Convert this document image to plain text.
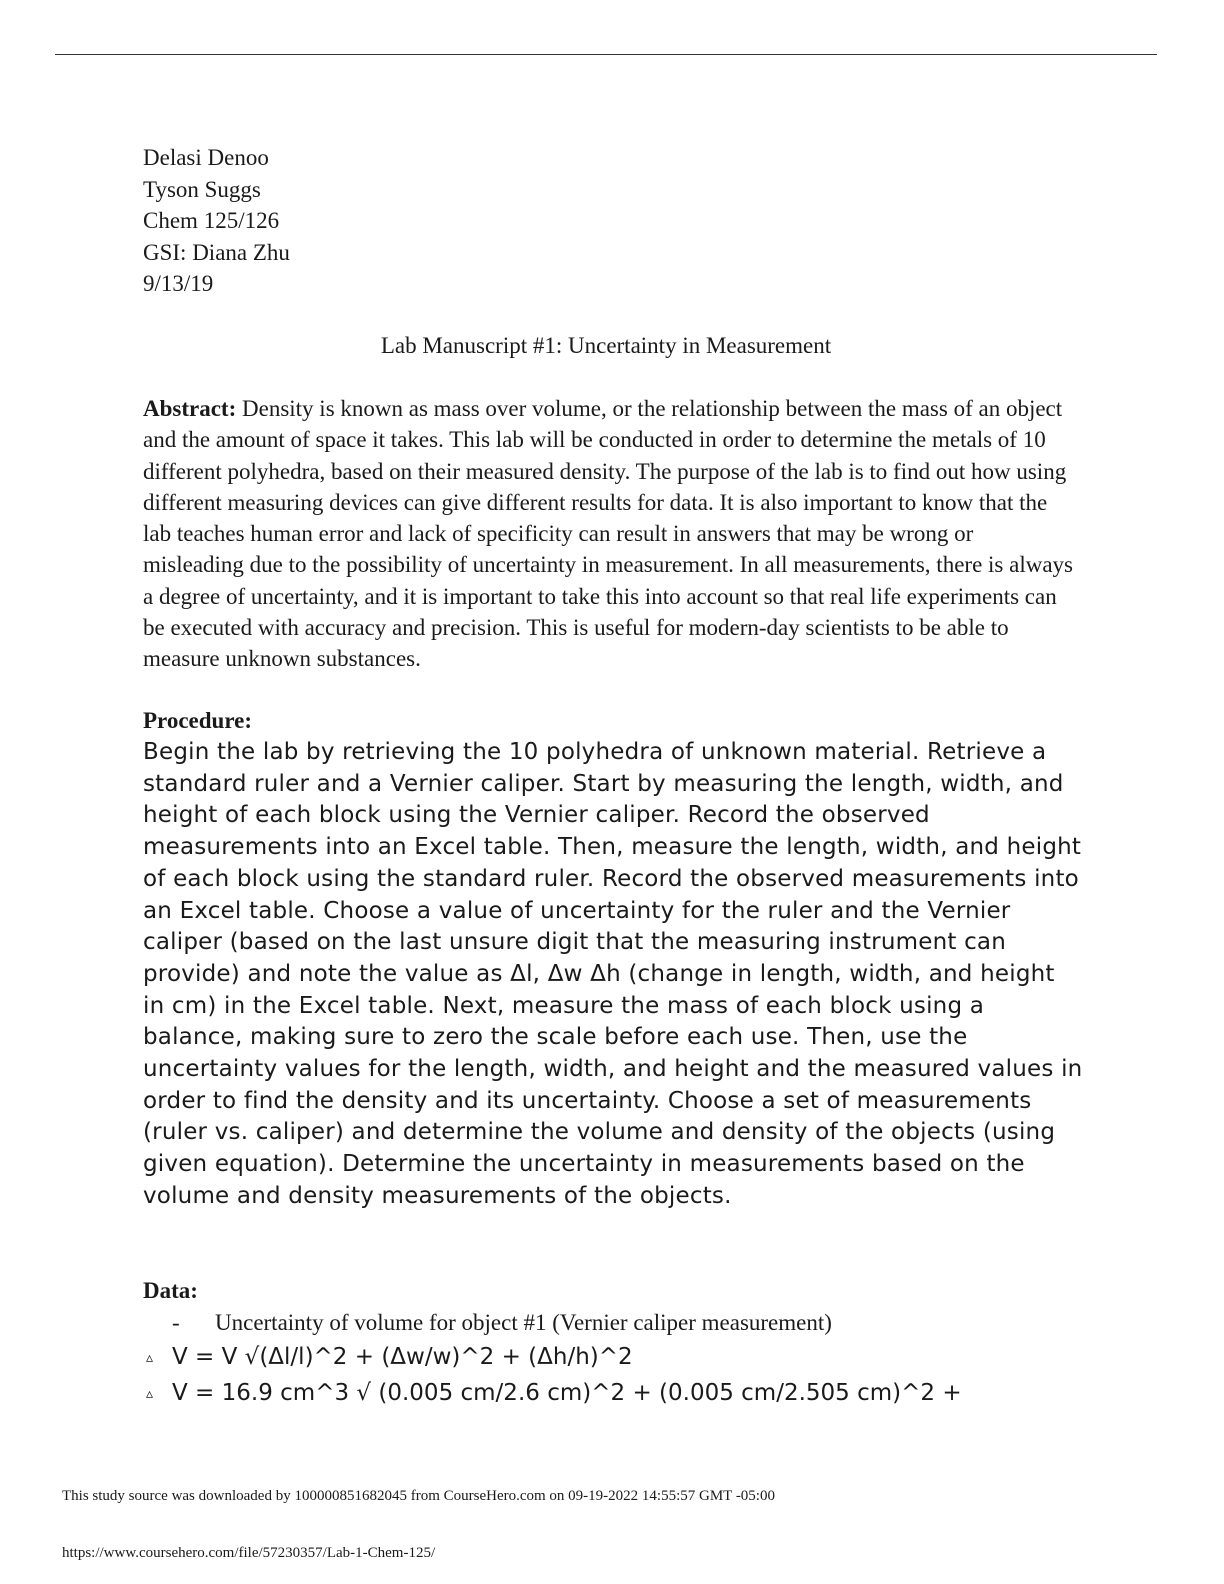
Delasi Denoo
Tyson Suggs
Chem 125/126
GSI: Diana Zhu
9/13/19
Lab Manuscript #1: Uncertainty in Measurement

Abstract: Density is known as mass over volume, or the relationship between the mass of an object and the amount of space it takes. This lab will be conducted in order to determine the metals of 10 different polyhedra, based on their measured density. The purpose of the lab is to find out how using different measuring devices can give different results for data. It is also important to know that the lab teaches human error and lack of specificity can result in answers that may be wrong or misleading due to the possibility of uncertainty in measurement. In all measurements, there is always a degree of uncertainty, and it is important to take this into account so that real life experiments can be executed with accuracy and precision. This is useful for modern-day scientists to be able to measure unknown substances.

Procedure:

Begin the lab by retrieving the 10 polyhedra of unknown material. Retrieve a standard ruler and a Vernier caliper. Start by measuring the length, width, and height of each block using the Vernier caliper. Record the observed measurements into an Excel table. Then, measure the length, width, and height of each block using the standard ruler. Record the observed measurements into an Excel table. Choose a value of uncertainty for the ruler and the Vernier caliper (based on the last unsure digit that the measuring instrument can provide) and note the value as Δl, Δw Δh (change in length, width, and height in cm) in the Excel table. Next, measure the mass of each block using a balance, making sure to zero the scale before each use. Then, use the uncertainty values for the length, width, and height and the measured values in order to find the density and its uncertainty. Choose a set of measurements (ruler vs. caliper) and determine the volume and density of the objects (using given equation). Determine the uncertainty in measurements based on the volume and density measurements of the objects.

Data:

- Uncertainty of volume for object #1 (Vernier caliper measurement)
▵ V = V √(Δl/l)^2 + (Δw/w)^2 + (Δh/h)^2
▵ V = 16.9 cm^3 √ (0.005 cm/2.6 cm)^2 + (0.005 cm/2.505 cm)^2 +
This study source was downloaded by 100000851682045 from CourseHero.com on 09-19-2022 14:55:57 GMT -05:00
https://www.coursehero.com/file/57230357/Lab-1-Chem-125/
